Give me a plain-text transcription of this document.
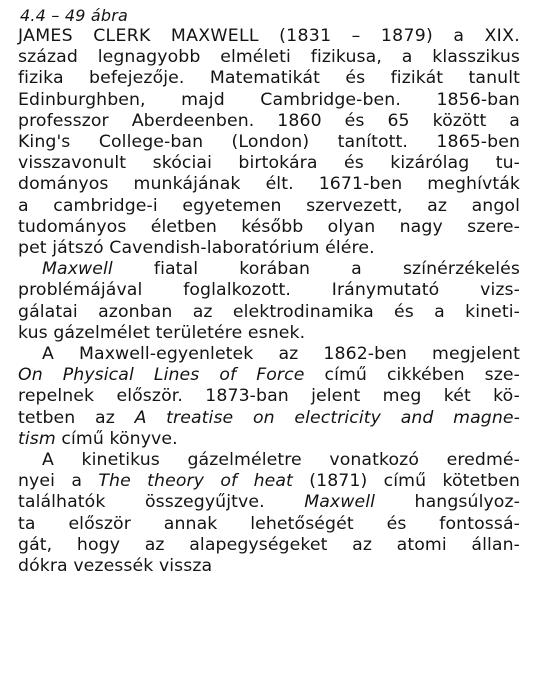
4.4 – 49 ábra
JAMES CLERK MAXWELL (1831 – 1879) a XIX.
század legnagyobb elméleti fizikusa, a klasszikus
fizika befejezője. Matematikát és fizikát tanult
Edinburghben, majd Cambridge-ben. 1856-ban
professzor Aberdeenben. 1860 és 65 között a
King's College-ban (London) tanított. 1865-ben
visszavonult skóciai birtokára és kizárólag tu-
dományos munkájának élt. 1671-ben meghívták
a cambridge-i egyetemen szervezett, az angol
tudományos életben később olyan nagy szere-
pet játszó Cavendish-laboratórium élére.
Maxwell fiatal korában a színérzékelés
problémájával foglalkozott. Iránymutató vizs-
gálatai azonban az elektrodinamika és a kineti-
kus gázelmélet területére esnek.
A Maxwell-egyenletek az 1862-ben megjelent
On Physical Lines of Force című cikkében sze-
repelnek először. 1873-ban jelent meg két kö-
tetben az A treatise on electricity and magne-
tism című könyve.
A kinetikus gázelméletre vonatkozó eredmé-
nyei a The theory of heat (1871) című kötetben
találhatók összegyűjtve. Maxwell hangsúlyoz-
ta először annak lehetőségét és fontossá-
gát, hogy az alapegységeket az atomi állan-
dókra vezessék vissza
